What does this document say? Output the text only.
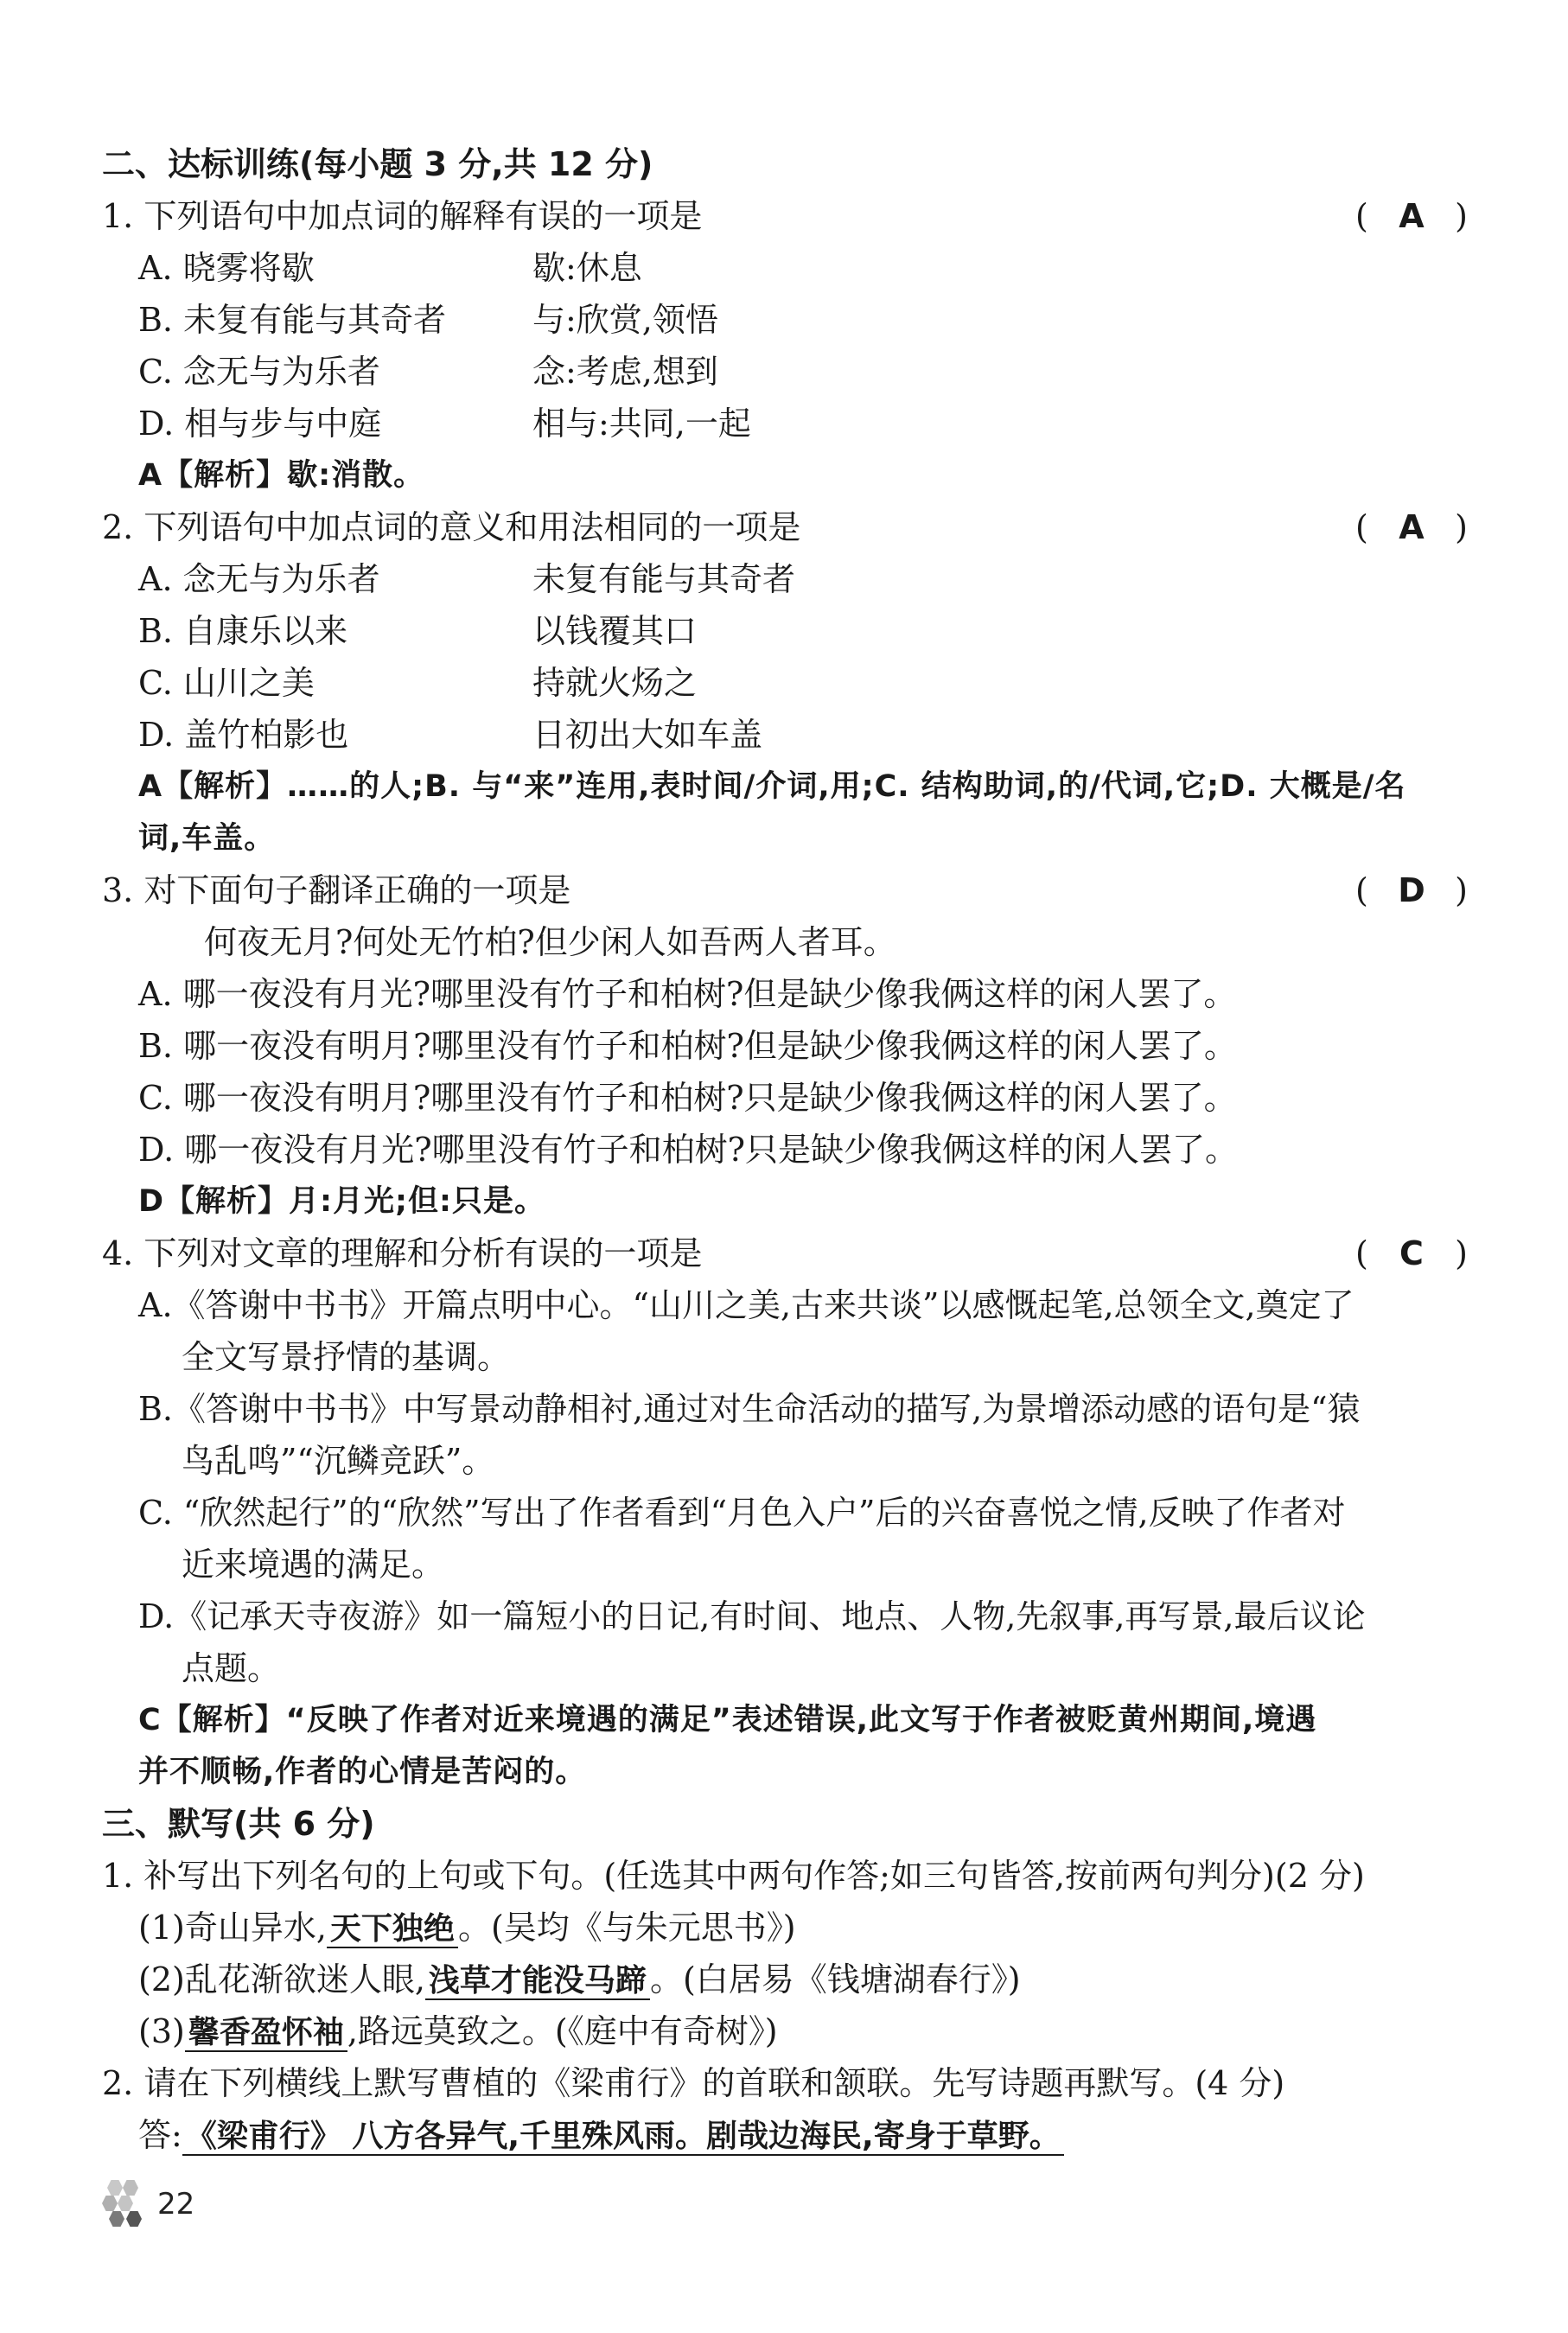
二、达标训练(每小题 3 分,共 12 分)
1. 下列语句中加点词的解释有误的一项是	( A )
A. 晓雾将歇	歇:休息
B. 未复有能与其奇者	与:欣赏,领悟
C. 念无与为乐者	念:考虑,想到
D. 相与步与中庭	相与:共同,一起
A【解析】歇:消散。
2. 下列语句中加点词的意义和用法相同的一项是	( A )
A. 念无与为乐者	未复有能与其奇者
B. 自康乐以来	以钱覆其口
C. 山川之美	持就火炀之
D. 盖竹柏影也	日初出大如车盖
A【解析】……的人;B. 与“来”连用,表时间/介词,用;C. 结构助词,的/代词,它;D. 大概是/名
词,车盖。
3. 对下面句子翻译正确的一项是	( D )
何夜无月?何处无竹柏?但少闲人如吾两人者耳。
A. 哪一夜没有月光?哪里没有竹子和柏树?但是缺少像我俩这样的闲人罢了。
B. 哪一夜没有明月?哪里没有竹子和柏树?但是缺少像我俩这样的闲人罢了。
C. 哪一夜没有明月?哪里没有竹子和柏树?只是缺少像我俩这样的闲人罢了。
D. 哪一夜没有月光?哪里没有竹子和柏树?只是缺少像我俩这样的闲人罢了。
D【解析】月:月光;但:只是。
4. 下列对文章的理解和分析有误的一项是	( C )
A.《答谢中书书》开篇点明中心。“山川之美,古来共谈”以感慨起笔,总领全文,奠定了
全文写景抒情的基调。
B.《答谢中书书》中写景动静相衬,通过对生命活动的描写,为景增添动感的语句是“猿
鸟乱鸣”“沉鳞竞跃”。
C. “欣然起行”的“欣然”写出了作者看到“月色入户”后的兴奋喜悦之情,反映了作者对
近来境遇的满足。
D.《记承天寺夜游》如一篇短小的日记,有时间、地点、人物,先叙事,再写景,最后议论
点题。
C【解析】“反映了作者对近来境遇的满足”表述错误,此文写于作者被贬黄州期间,境遇
并不顺畅,作者的心情是苦闷的。
三、默写(共 6 分)
1. 补写出下列名句的上句或下句。(任选其中两句作答;如三句皆答,按前两句判分)(2 分)
(1)奇山异水, 天下独绝 。(吴均《与朱元思书》)
(2)乱花渐欲迷人眼, 浅草才能没马蹄 。(白居易《钱塘湖春行》)
(3) 馨香盈怀袖 ,路远莫致之。(《庭中有奇树》)
2. 请在下列横线上默写曹植的《梁甫行》的首联和颔联。先写诗题再默写。(4 分)
答: 《梁甫行》 八方各异气,千里殊风雨。剧哉边海民,寄身于草野。
22
